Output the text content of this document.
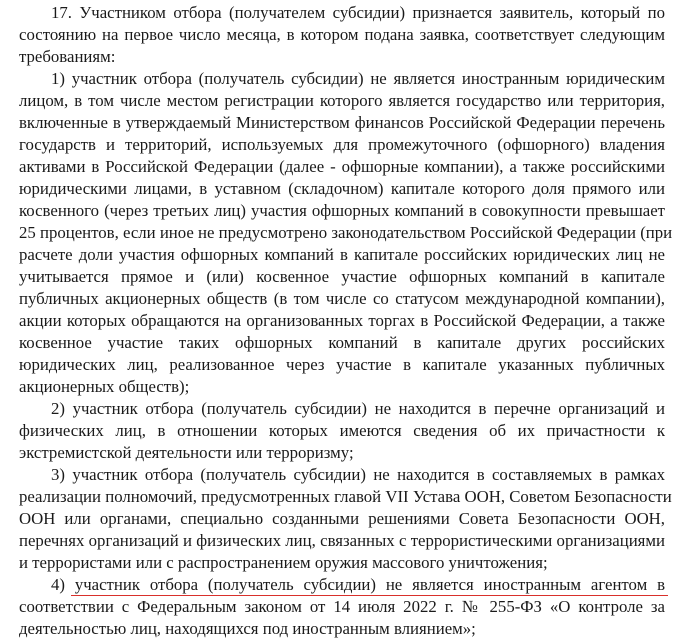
17. Участником отбора (получателем субсидии) признается заявитель, который по
состоянию на первое число месяца, в котором подана заявка, соответствует следующим
требованиям:
1) участник отбора (получатель субсидии) не является иностранным юридическим
лицом, в том числе местом регистрации которого является государство или территория,
включенные в утверждаемый Министерством финансов Российской Федерации перечень
государств и территорий, используемых для промежуточного (офшорного) владения
активами в Российской Федерации (далее - офшорные компании), а также российскими
юридическими лицами, в уставном (складочном) капитале которого доля прямого или
косвенного (через третьих лиц) участия офшорных компаний в совокупности превышает
25 процентов, если иное не предусмотрено законодательством Российской Федерации (при
расчете доли участия офшорных компаний в капитале российских юридических лиц не
учитывается прямое и (или) косвенное участие офшорных компаний в капитале
публичных акционерных обществ (в том числе со статусом международной компании),
акции которых обращаются на организованных торгах в Российской Федерации, а также
косвенное участие таких офшорных компаний в капитале других российских
юридических лиц, реализованное через участие в капитале указанных публичных
акционерных обществ);
2) участник отбора (получатель субсидии) не находится в перечне организаций и
физических лиц, в отношении которых имеются сведения об их причастности к
экстремистской деятельности или терроризму;
3) участник отбора (получатель субсидии) не находится в составляемых в рамках
реализации полномочий, предусмотренных главой VII Устава ООН, Советом Безопасности
ООН или органами, специально созданными решениями Совета Безопасности ООН,
перечнях организаций и физических лиц, связанных с террористическими организациями
и террористами или с распространением оружия массового уничтожения;
4) участник отбора (получатель субсидии) не является иностранным агентом в
соответствии с Федеральным законом от 14 июля 2022 г. № 255-ФЗ «О контроле за
деятельностью лиц, находящихся под иностранным влиянием»;
